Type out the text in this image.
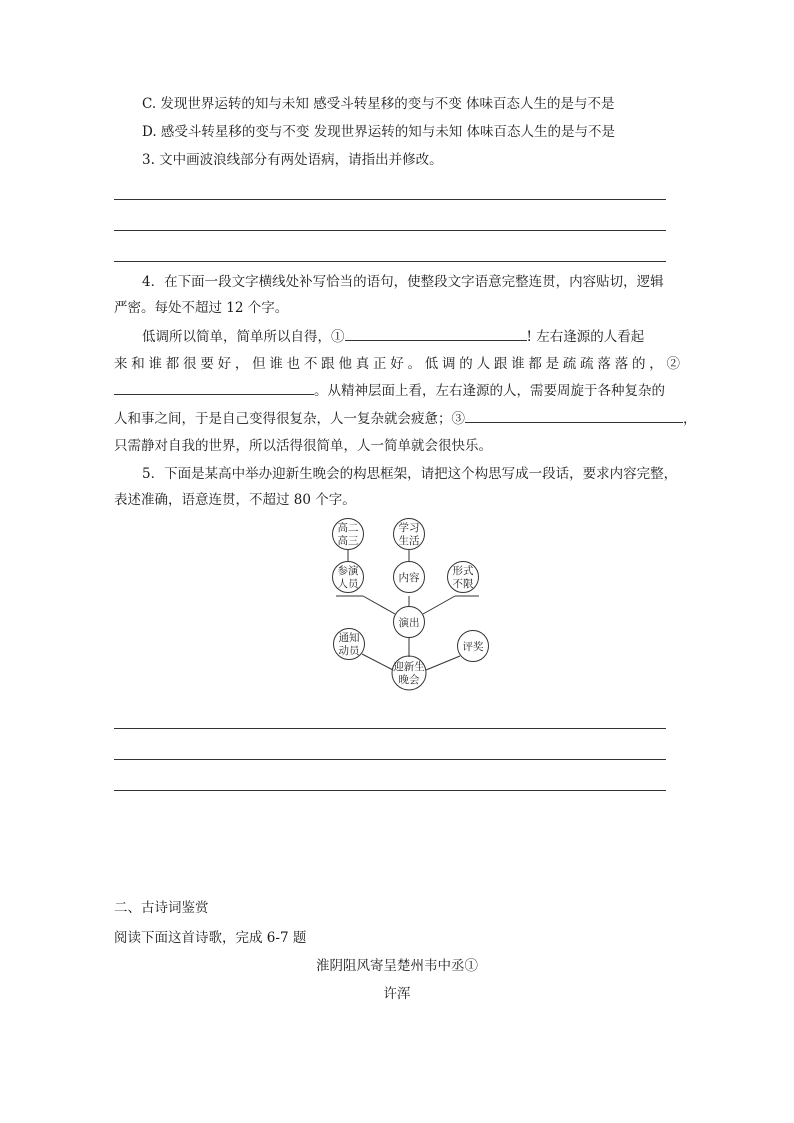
C. 发现世界运转的知与未知 感受斗转星移的变与不变 体味百态人生的是与不是
D. 感受斗转星移的变与不变 发现世界运转的知与未知 体味百态人生的是与不是
3. 文中画波浪线部分有两处语病，请指出并修改。
4．在下面一段文字横线处补写恰当的语句，使整段文字语意完整连贯，内容贴切，逻辑
严密。每处不超过 12 个字。
低调所以简单，简单所以自得，①	! 左右逢源的人看起
来和谁都很要好，但谁也不跟他真正好。低调的人跟谁都是疏疏落落的，②
。从精神层面上看，左右逢源的人，需要周旋于各种复杂的
人和事之间，于是自己变得很复杂，人一复杂就会疲惫；③	，
只需静对自我的世界，所以活得很简单，人一简单就会很快乐。
5．下面是某高中举办迎新生晚会的构思框架，请把这个构思写成一段话，要求内容完整，
表述准确，语意连贯，不超过 80 个字。
高二
高三
学习
生活
参演
人员	内容
形式
不限
演出
通知
动员	评奖
迎新生
晚会
二、古诗词鉴赏
阅读下面这首诗歌，完成 6-7 题
淮阴阻风寄呈楚州韦中丞①
许浑
